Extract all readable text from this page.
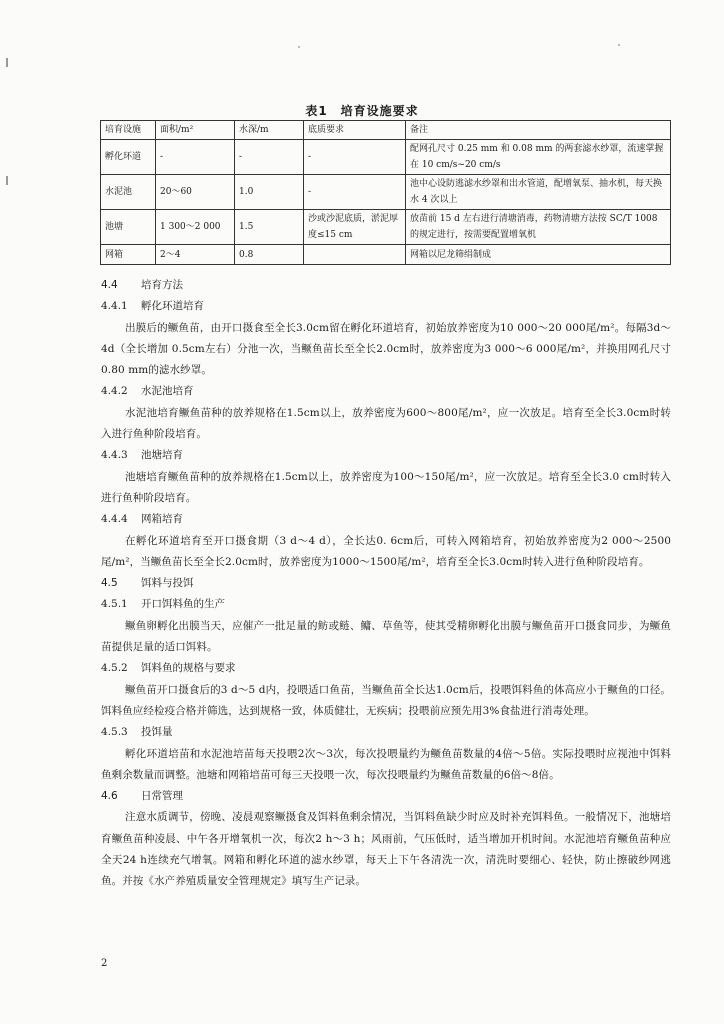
表1　培育设施要求
培育设施	面积/m²	水深/m	底质要求	备注
孵化环道	-	-	-	配网孔尺寸 0.25 mm 和 0.08 mm 的两套滤水纱罩，流速掌握在 10 cm/s~20 cm/s
水泥池	20～60	1.0	-	池中心设防逃滤水纱罩和出水管道，配增氧泵、抽水机，每天换水 4 次以上
池塘	1 300～2 000	1.5	沙或沙泥底质，淤泥厚度≤15 cm	放苗前 15 d 左右进行清塘消毒，药物清塘方法按 SC/T 1008 的规定进行，按需要配置增氧机
网箱	2～4	0.8		网箱以尼龙筛绢制成
4.4 培育方法
4.4.1 孵化环道培育

出膜后的鳜鱼苗，由开口摄食至全长3.0cm留在孵化环道培育，初始放养密度为10 000～20 000尾/m²。每隔3d～4d（全长增加 0.5cm左右）分池一次，当鳜鱼苗长至全长2.0cm时，放养密度为3 000～6 000尾/m²，并换用网孔尺寸0.80 mm的滤水纱罩。

4.4.2 水泥池培育

水泥池培育鳜鱼苗种的放养规格在1.5cm以上，放养密度为600～800尾/m²，应一次放足。培育至全长3.0cm时转入进行鱼种阶段培育。

4.4.3 池塘培育

池塘培育鳜鱼苗种的放养规格在1.5cm以上，放养密度为100～150尾/m²，应一次放足。培育至全长3.0 cm时转入进行鱼种阶段培育。

4.4.4 网箱培育

在孵化环道培育至开口摄食期（3 d～4 d），全长达0. 6cm后，可转入网箱培育，初始放养密度为2 000～2500尾/m²，当鳜鱼苗长至全长2.0cm时，放养密度为1000～1500尾/m²，培育至全长3.0cm时转入进行鱼种阶段培育。

4.5 饵料与投饵
4.5.1 开口饵料鱼的生产

鳜鱼卵孵化出膜当天，应催产一批足量的鲂或鲢、鳙、草鱼等，使其受精卵孵化出膜与鳜鱼苗开口摄食同步，为鳜鱼苗提供足量的适口饵料。

4.5.2 饵料鱼的规格与要求

鳜鱼苗开口摄食后的3 d～5 d内，投喂适口鱼苗，当鳜鱼苗全长达1.0cm后，投喂饵料鱼的体高应小于鳜鱼的口径。饵料鱼应经检疫合格并筛选，达到规格一致，体质健壮，无疾病；投喂前应预先用3%食盐进行消毒处理。

4.5.3 投饵量

孵化环道培苗和水泥池培苗每天投喂2次～3次，每次投喂量约为鳜鱼苗数量的4倍～5倍。实际投喂时应视池中饵料鱼剩余数量而调整。池塘和网箱培苗可每三天投喂一次，每次投喂量约为鳜鱼苗数量的6倍～8倍。

4.6 日常管理

注意水质调节，傍晚、凌晨观察鳜摄食及饵料鱼剩余情况，当饵料鱼缺少时应及时补充饵料鱼。一般情况下，池塘培育鳜鱼苗种凌晨、中午各开增氧机一次，每次2 h～3 h；风雨前，气压低时，适当增加开机时间。水泥池培育鳜鱼苗种应全天24 h连续充气增氧。网箱和孵化环道的滤水纱罩，每天上下午各清洗一次，清洗时要细心、轻快，防止擦破纱网逃鱼。并按《水产养殖质量安全管理规定》填写生产记录。

2
